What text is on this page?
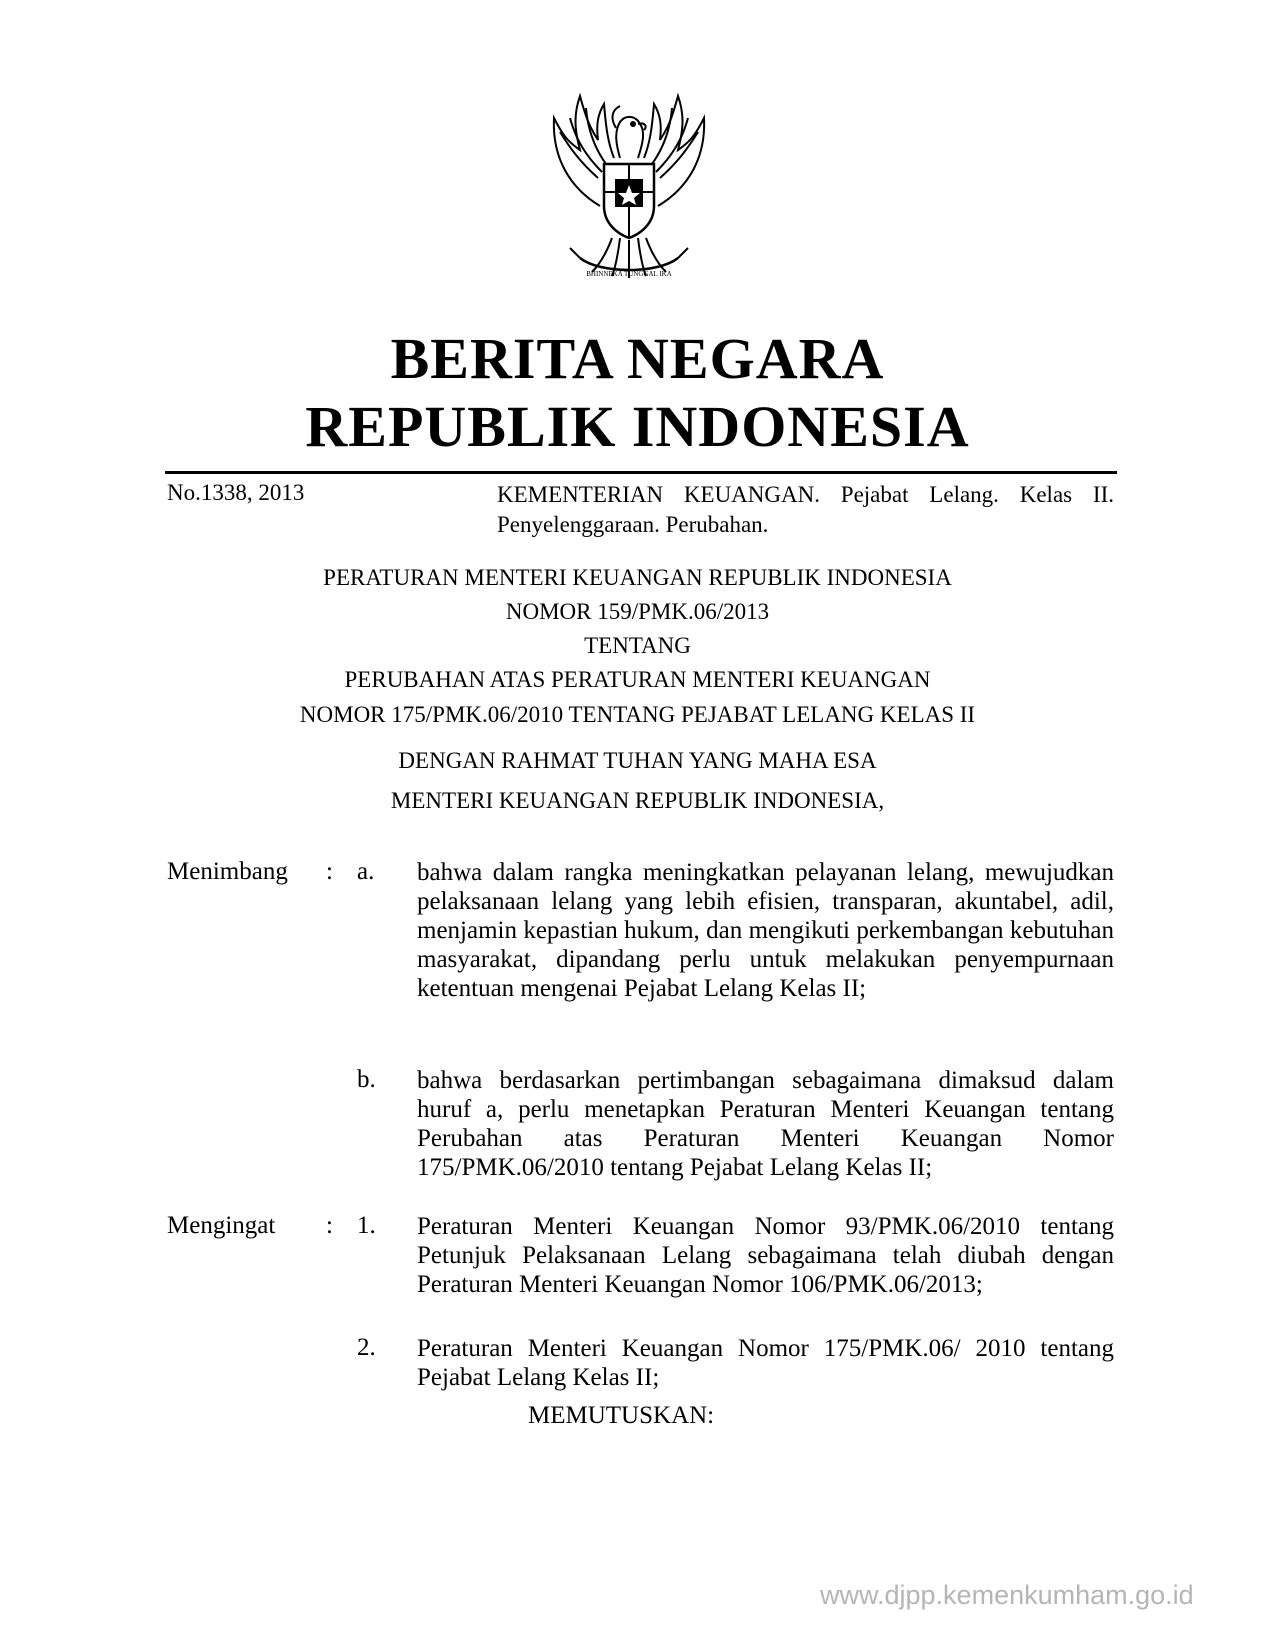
BHINNEKA TUNGGAL IKA
BERITA NEGARA
REPUBLIK INDONESIA
No.1338, 2013	KEMENTERIAN KEUANGAN. Pejabat Lelang. Kelas II. Penyelenggaraan. Perubahan.
PERATURAN MENTERI KEUANGAN REPUBLIK INDONESIA
NOMOR 159/PMK.06/2013
TENTANG
PERUBAHAN ATAS PERATURAN MENTERI KEUANGAN
NOMOR 175/PMK.06/2010 TENTANG PEJABAT LELANG KELAS II
DENGAN RAHMAT TUHAN YANG MAHA ESA
MENTERI KEUANGAN REPUBLIK INDONESIA,
Menimbang : a. bahwa dalam rangka meningkatkan pelayanan lelang, mewujudkan pelaksanaan lelang yang lebih efisien, transparan, akuntabel, adil, menjamin kepastian hukum, dan mengikuti perkembangan kebutuhan masyarakat, dipandang perlu untuk melakukan penyempurnaan ketentuan mengenai Pejabat Lelang Kelas II;
b. bahwa berdasarkan pertimbangan sebagaimana dimaksud dalam huruf a, perlu menetapkan Peraturan Menteri Keuangan tentang Perubahan atas Peraturan Menteri Keuangan Nomor 175/PMK.06/2010 tentang Pejabat Lelang Kelas II;
Mengingat : 1. Peraturan Menteri Keuangan Nomor 93/PMK.06/2010 tentang Petunjuk Pelaksanaan Lelang sebagaimana telah diubah dengan Peraturan Menteri Keuangan Nomor 106/PMK.06/2013;
2. Peraturan Menteri Keuangan Nomor 175/PMK.06/ 2010 tentang Pejabat Lelang Kelas II;
MEMUTUSKAN:
www.djpp.kemenkumham.go.id
